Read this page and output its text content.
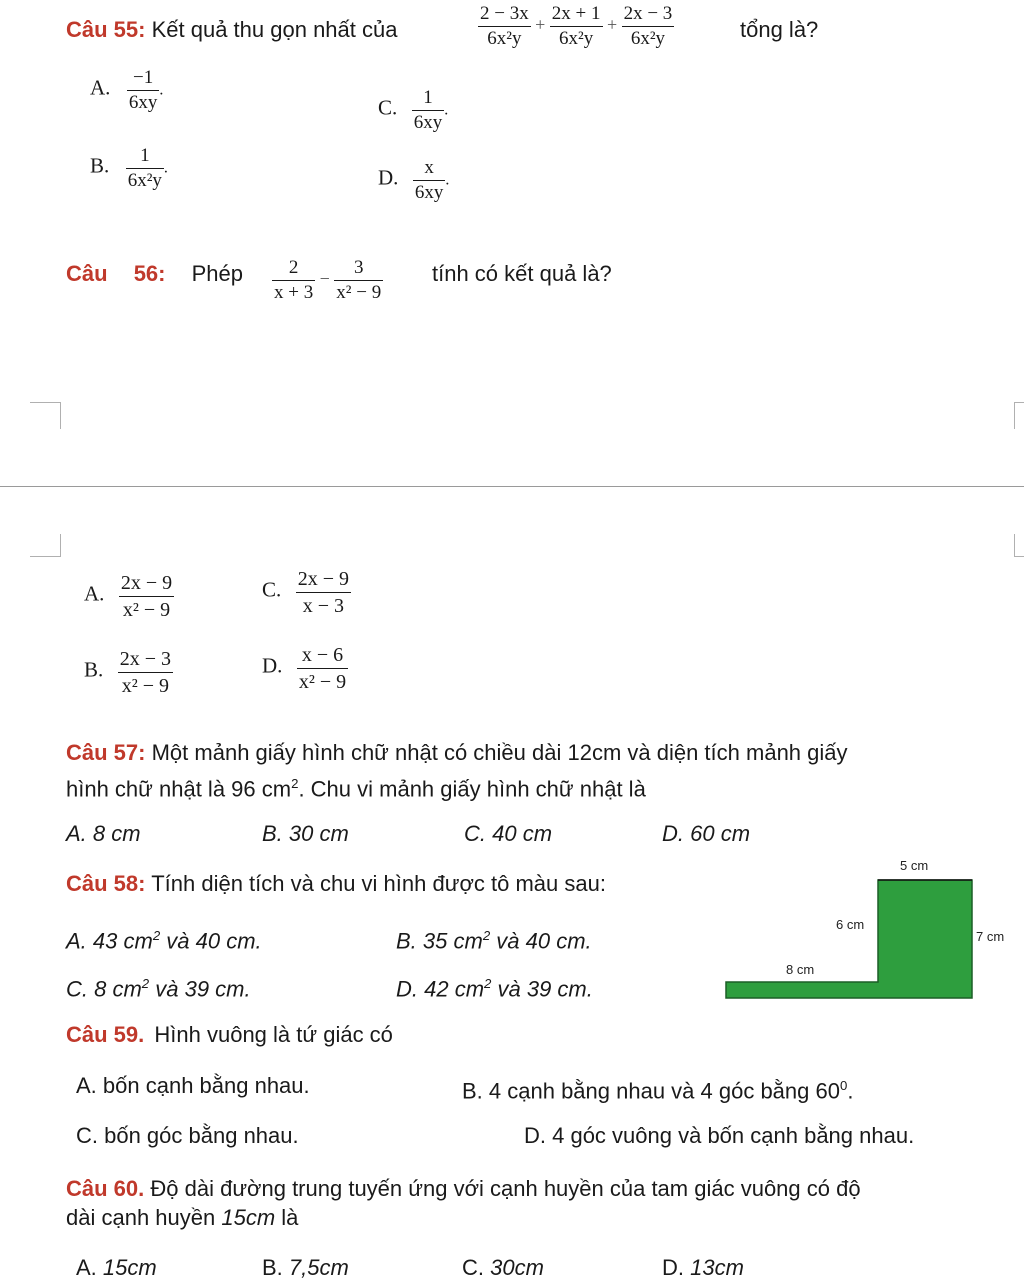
Câu 55: Kết quả thu gọn nhất của	$\frac{2 - 3x}{\text{6x²y}} + \frac{2x + 1}{\text{6x²y}} + \frac{2x - 3}{\text{6x²y}}$	tổng là?
A. $\frac{-1}{6xy}$ .
C. $\frac{1}{6xy}$ .
B. $\frac{1}{\text{6x²y}}$ .	D. $\frac{x}{6xy}$ .
Câu 56: Phép $\frac{2}{x + 3} - \frac{3}{\text{x² − 9}}$ tính có kết quả là?
A. $\frac{2x - 9}{\text{x² − 9}}$	C. $\frac{2x - 9}{x - 3}$
B. $\frac{2x - 3}{\text{x² − 9}}$	D. $\frac{x - 6}{\text{x² − 9}}$
Câu 57: Một mảnh giấy hình chữ nhật có chiều dài 12cm và diện tích mảnh giấy
hình chữ nhật là 96 $cm^2$. Chu vi mảnh giấy hình chữ nhật là
A. 8 cm	B. 30 cm	C. 40 cm	D. 60 cm
Câu 58: Tính diện tích và chu vi hình được tô màu sau:
A. 43 $cm^2$ và 40 cm.	B. 35 $cm^2$ và 40 cm.
C. 8 $cm^2$ và 39 cm.	D. 42 $cm^2$ và 39 cm.
5 cm
6 cm
7 cm
8 cm
Câu 59. Hình vuông là tứ giác có
A. bốn cạnh bằng nhau.	B. 4 cạnh bằng nhau và 4 góc bằng $60^0$.
C. bốn góc bằng nhau.	D. 4 góc vuông và bốn cạnh bằng nhau.
Câu 60. Độ dài đường trung tuyến ứng với cạnh huyền của tam giác vuông có độ
dài cạnh huyền 15cm là
A. 15cm	B. 7,5cm	C. 30cm	D. 13cm
